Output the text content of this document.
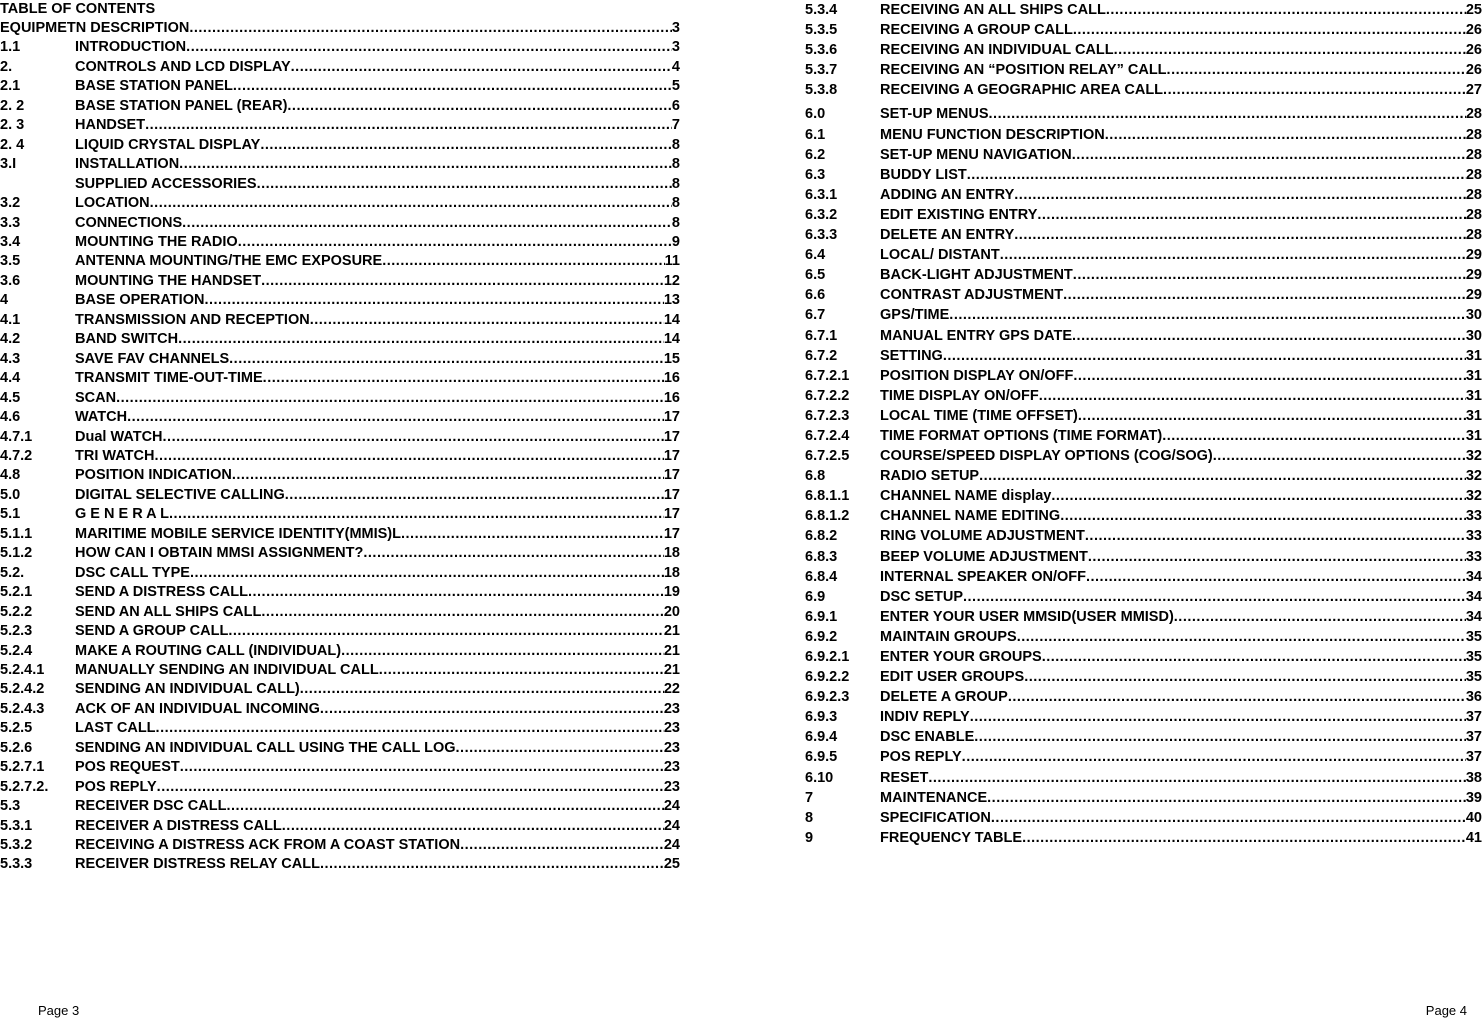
TABLE OF CONTENTS
EQUIPMETN DESCRIPTION .....	3
1.1	INTRODUCTION .....	3
2.	CONTROLS AND LCD DISPLAY .....	4
2.1	BASE STATION PANEL .....	5
2. 2	BASE STATION PANEL (REAR) .....	6
2. 3	HANDSET .....	7
2. 4	LIQUID CRYSTAL DISPLAY .....	8
3.I	INSTALLATION .....	8
SUPPLIED ACCESSORIES .....	8
3.2	LOCATION .....	8
3.3	CONNECTIONS .....	8
3.4	MOUNTING THE RADIO .....	9
3.5	ANTENNA MOUNTING/THE EMC EXPOSURE .....	11
3.6	MOUNTING THE HANDSET .....	12
4	BASE OPERATION .....	13
4.1	TRANSMISSION AND RECEPTION .....	14
4.2	BAND SWITCH .....	14
4.3	SAVE FAV CHANNELS .....	15
4.4	TRANSMIT TIME-OUT-TIME .....	16
4.5	SCAN .....	16
4.6	WATCH .....	17
4.7.1	Dual WATCH .....	17
4.7.2	TRI WATCH .....	17
4.8	POSITION INDICATION .....	17
5.0	DIGITAL SELECTIVE CALLING .....	17
5.1	G E N E R A L .....	17
5.1.1	MARITIME MOBILE SERVICE IDENTITY(MMIS)L .....	17
5.1.2	HOW CAN I OBTAIN MMSI ASSIGNMENT? .....	18
5.2.	DSC CALL TYPE .....	18
5.2.1	SEND A DISTRESS CALL .....	19
5.2.2	SEND AN ALL SHIPS CALL .....	20
5.2.3	SEND A GROUP CALL .....	21
5.2.4	MAKE A ROUTING CALL (INDIVIDUAL) .....	21
5.2.4.1	MANUALLY SENDING AN INDIVIDUAL CALL .....	21
5.2.4.2	SENDING AN INDIVIDUAL CALL) .....	22
5.2.4.3	ACK OF AN INDIVIDUAL INCOMING .....	23
5.2.5	LAST CALL .....	23
5.2.6	SENDING AN INDIVIDUAL CALL USING THE CALL LOG .....	23
5.2.7.1	POS REQUEST .....	23
5.2.7.2.	POS REPLY .....	23
5.3	RECEIVER DSC CALL .....	24
5.3.1	RECEIVER A DISTRESS CALL .....	24
5.3.2	RECEIVING A DISTRESS ACK FROM A COAST STATION .....	24
5.3.3	RECEIVER DISTRESS RELAY CALL .....	25
5.3.4	RECEIVING AN ALL SHIPS CALL .....	25
5.3.5	RECEIVING A GROUP CALL .....	26
5.3.6	RECEIVING AN INDIVIDUAL CALL .....	26
5.3.7	RECEIVING AN “POSITION RELAY” CALL .....	26
5.3.8	RECEIVING A GEOGRAPHIC AREA CALL .....	27
6.0	SET-UP MENUS .....	28
6.1	MENU FUNCTION DESCRIPTION .....	28
6.2	SET-UP MENU NAVIGATION .....	28
6.3	BUDDY LIST .....	28
6.3.1	ADDING AN ENTRY .....	28
6.3.2	EDIT EXISTING ENTRY .....	28
6.3.3	DELETE AN ENTRY .....	28
6.4	LOCAL/ DISTANT .....	29
6.5	BACK-LIGHT ADJUSTMENT .....	29
6.6	CONTRAST ADJUSTMENT .....	29
6.7	GPS/TIME .....	30
6.7.1	MANUAL ENTRY GPS DATE .....	30
6.7.2	SETTING .....	31
6.7.2.1	POSITION DISPLAY ON/OFF .....	31
6.7.2.2	TIME DISPLAY ON/OFF .....	31
6.7.2.3	LOCAL TIME (TIME OFFSET) .....	31
6.7.2.4	TIME FORMAT OPTIONS (TIME FORMAT) .....	31
6.7.2.5	COURSE/SPEED DISPLAY OPTIONS (COG/SOG) .....	32
6.8	RADIO SETUP .....	32
6.8.1.1	CHANNEL NAME display .....	32
6.8.1.2	CHANNEL NAME EDITING .....	33
6.8.2	RING VOLUME ADJUSTMENT .....	33
6.8.3	BEEP VOLUME ADJUSTMENT .....	33
6.8.4	INTERNAL SPEAKER ON/OFF .....	34
6.9	DSC SETUP .....	34
6.9.1	ENTER YOUR USER MMSID(USER MMISD) .....	34
6.9.2	MAINTAIN GROUPS .....	35
6.9.2.1	ENTER YOUR GROUPS .....	35
6.9.2.2	EDIT USER GROUPS .....	35
6.9.2.3	DELETE A GROUP .....	36
6.9.3	INDIV REPLY .....	37
6.9.4	DSC ENABLE .....	37
6.9.5	POS REPLY .....	37
6.10	RESET .....	38
7	MAINTENANCE .....	39
8	SPECIFICATION .....	40
9	FREQUENCY TABLE .....	41
Page 3	Page 4
